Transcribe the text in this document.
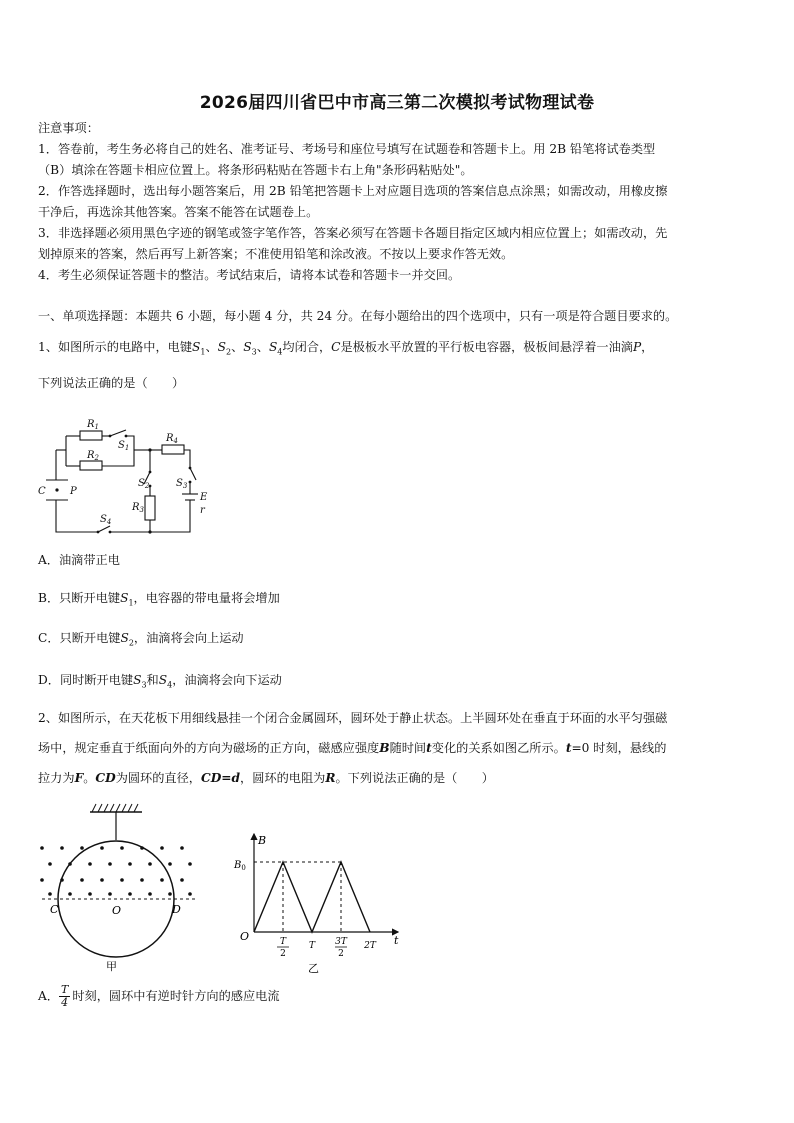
2026届四川省巴中市高三第二次模拟考试物理试卷
注意事项：
1．答卷前，考生务必将自己的姓名、准考证号、考场号和座位号填写在试题卷和答题卡上。用 2B 铅笔将试卷类型
（B）填涂在答题卡相应位置上。将条形码粘贴在答题卡右上角"条形码粘贴处"。
2．作答选择题时，选出每小题答案后，用 2B 铅笔把答题卡上对应题目选项的答案信息点涂黑；如需改动，用橡皮擦
干净后，再选涂其他答案。答案不能答在试题卷上。
3．非选择题必须用黑色字迹的钢笔或签字笔作答，答案必须写在答题卡各题目指定区域内相应位置上；如需改动，先
划掉原来的答案，然后再写上新答案；不准使用铅笔和涂改液。不按以上要求作答无效。
4．考生必须保证答题卡的整洁。考试结束后，请将本试卷和答题卡一并交回。
一、单项选择题：本题共 6 小题，每小题 4 分，共 24 分。在每小题给出的四个选项中，只有一项是符合题目要求的。
1、如图所示的电路中，电键$S_1$、$S_2$、$S_3$、$S_4$均闭合，C是极板水平放置的平行板电容器，极板间悬浮着一油滴P，
下列说法正确的是（　　）
$R_1$
$R_2$
$S_1$
$R_4$
$S_3$
E
r
$S_2$
$R_3$
$S_4$
C P
A．油滴带正电
B．只断开电键$S_1$，电容器的带电量将会增加
C．只断开电键$S_2$，油滴将会向上运动
D．同时断开电键$S_3$和$S_4$，油滴将会向下运动
2、如图所示，在天花板下用细线悬挂一个闭合金属圆环，圆环处于静止状态。上半圆环处在垂直于环面的水平匀强磁
场中，规定垂直于纸面向外的方向为磁场的正方向，磁感应强度B随时间t变化的关系如图乙所示。t=0 时刻，悬线的
拉力为F。CD为圆环的直径，CD=d，圆环的电阻为R。下列说法正确的是（　　）
C	O	D
甲
B
$B_0$
O	t
T
2
T 3T
2
2T
乙
A． $\frac{T}{4}$ 时刻，圆环中有逆时针方向的感应电流
